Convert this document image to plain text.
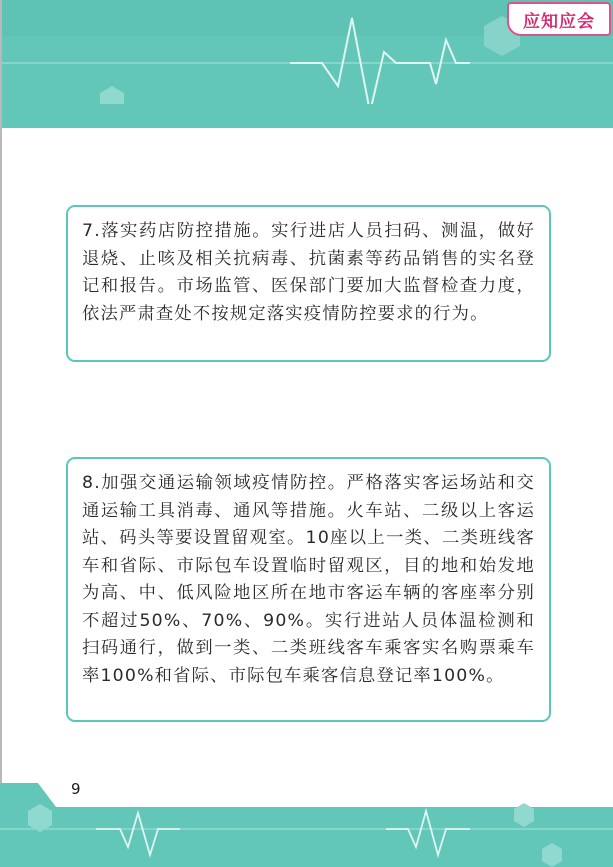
应知应会

7.落实药店防控措施。实行进店人员扫码、测温，做好退烧、止咳及相关抗病毒、抗菌素等药品销售的实名登记和报告。市场监管、医保部门要加大监督检查力度，依法严肃查处不按规定落实疫情防控要求的行为。

8.加强交通运输领域疫情防控。严格落实客运场站和交通运输工具消毒、通风等措施。火车站、二级以上客运站、码头等要设置留观室。10座以上一类、二类班线客车和省际、市际包车设置临时留观区，目的地和始发地为高、中、低风险地区所在地市客运车辆的客座率分别不超过50%、70%、90%。实行进站人员体温检测和扫码通行，做到一类、二类班线客车乘客实名购票乘车率100%和省际、市际包车乘客信息登记率100%。

9
